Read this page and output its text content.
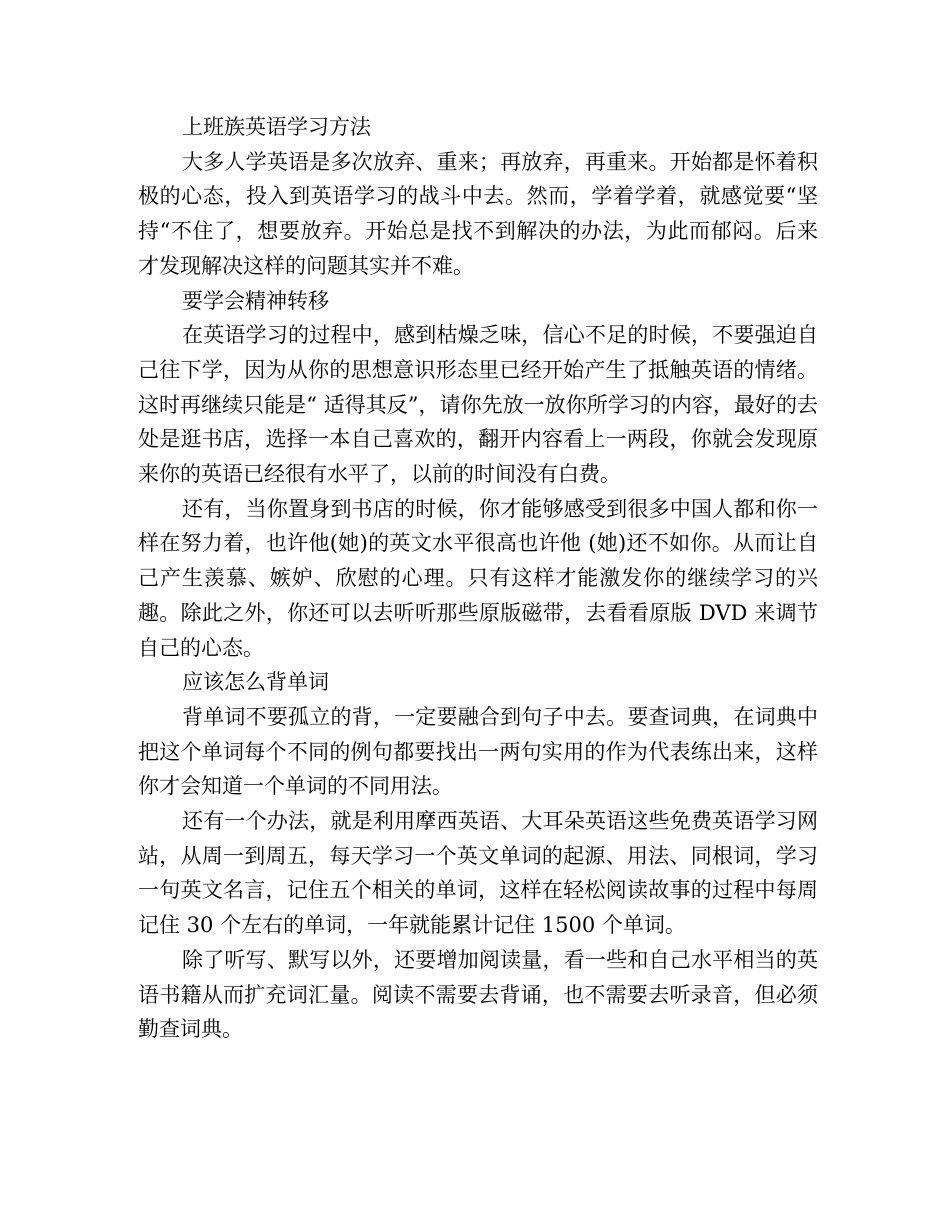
上班族英语学习方法

大多人学英语是多次放弃、重来；再放弃，再重来。开始都是怀着积极的心态，投入到英语学习的战斗中去。然而，学着学着，就感觉要“坚持“不住了，想要放弃。开始总是找不到解决的办法，为此而郁闷。后来才发现解决这样的问题其实并不难。

要学会精神转移

在英语学习的过程中，感到枯燥乏味，信心不足的时候，不要强迫自己往下学，因为从你的思想意识形态里已经开始产生了抵触英语的情绪。这时再继续只能是“ 适得其反”，请你先放一放你所学习的内容，最好的去处是逛书店，选择一本自己喜欢的，翻开内容看上一两段，你就会发现原来你的英语已经很有水平了，以前的时间没有白费。

还有，当你置身到书店的时候，你才能够感受到很多中国人都和你一样在努力着，也许他(她)的英文水平很高也许他 (她)还不如你。从而让自己产生羡慕、嫉妒、欣慰的心理。只有这样才能激发你的继续学习的兴趣。除此之外，你还可以去听听那些原版磁带，去看看原版 DVD 来调节自己的心态。

应该怎么背单词

背单词不要孤立的背，一定要融合到句子中去。要查词典，在词典中把这个单词每个不同的例句都要找出一两句实用的作为代表练出来，这样你才会知道一个单词的不同用法。

还有一个办法，就是利用摩西英语、大耳朵英语这些免费英语学习网站，从周一到周五，每天学习一个英文单词的起源、用法、同根词，学习一句英文名言，记住五个相关的单词，这样在轻松阅读故事的过程中每周记住 30 个左右的单词，一年就能累计记住 1500 个单词。

除了听写、默写以外，还要增加阅读量，看一些和自己水平相当的英语书籍从而扩充词汇量。阅读不需要去背诵，也不需要去听录音，但必须勤查词典。
